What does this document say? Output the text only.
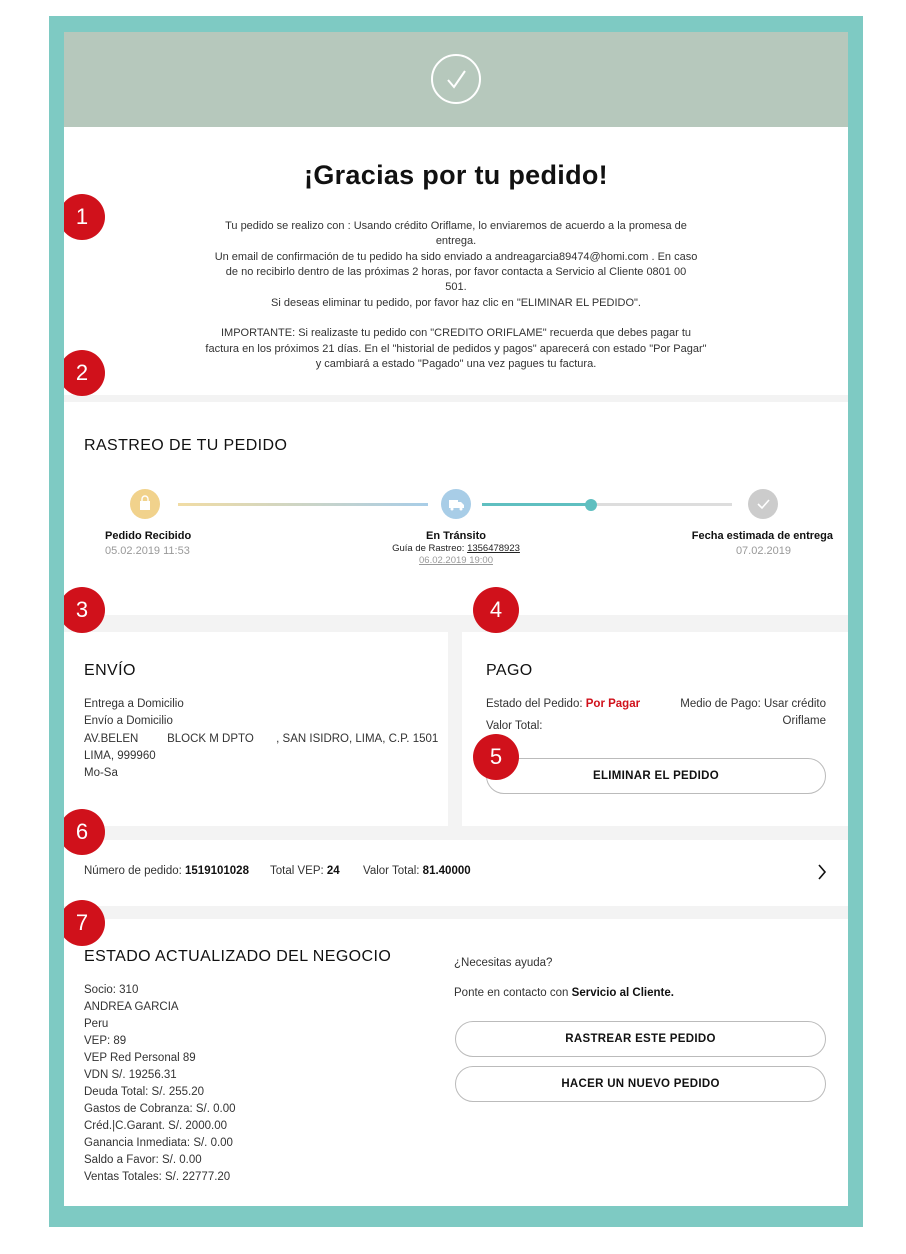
¡Gracias por tu pedido!
Tu pedido se realizo con : Usando crédito Oriflame, lo enviaremos de acuerdo a la promesa de
entrega.
Un email de confirmación de tu pedido ha sido enviado a andreagarcia89474@homi.com . En caso
de no recibirlo dentro de las próximas 2 horas, por favor contacta a Servicio al Cliente 0801 00
501.
Si deseas eliminar tu pedido, por favor haz clic en "ELIMINAR EL PEDIDO".
IMPORTANTE: Si realizaste tu pedido con "CREDITO ORIFLAME" recuerda que debes pagar tu
factura en los próximos 21 días. En el "historial de pedidos y pagos" aparecerá con estado "Por Pagar"
y cambiará a estado "Pagado" una vez pagues tu factura.
RASTREO DE TU PEDIDO
Pedido Recibido
05.02.2019 11:53
En Tránsito
Guía de Rastreo: 1356478923
06.02.2019 19:00
Fecha estimada de entrega
07.02.2019
ENVÍO
Entrega a Domicilio
Envío a Domicilio
AV.BELEN         BLOCK M DPTO       , SAN ISIDRO, LIMA, C.P. 1501
LIMA, 999960
Mo-Sa
PAGO
Estado del Pedido: Por Pagar
Valor Total:
Medio de Pago: Usar crédito
Oriflame
ELIMINAR EL PEDIDO
Número de pedido: 1519101028 Total VEP: 24 Valor Total: 81.40000
ESTADO ACTUALIZADO DEL NEGOCIO
Socio: 310
ANDREA GARCIA
Peru
VEP: 89
VEP Red Personal 89
VDN S/. 19256.31
Deuda Total: S/. 255.20
Gastos de Cobranza: S/. 0.00
Créd.|C.Garant. S/. 2000.00
Ganancia Inmediata: S/. 0.00
Saldo a Favor: S/. 0.00
Ventas Totales: S/. 22777.20
¿Necesitas ayuda?
Ponte en contacto con Servicio al Cliente.
RASTREAR ESTE PEDIDO
HACER UN NUEVO PEDIDO
1
2
3	4
5
6
7
